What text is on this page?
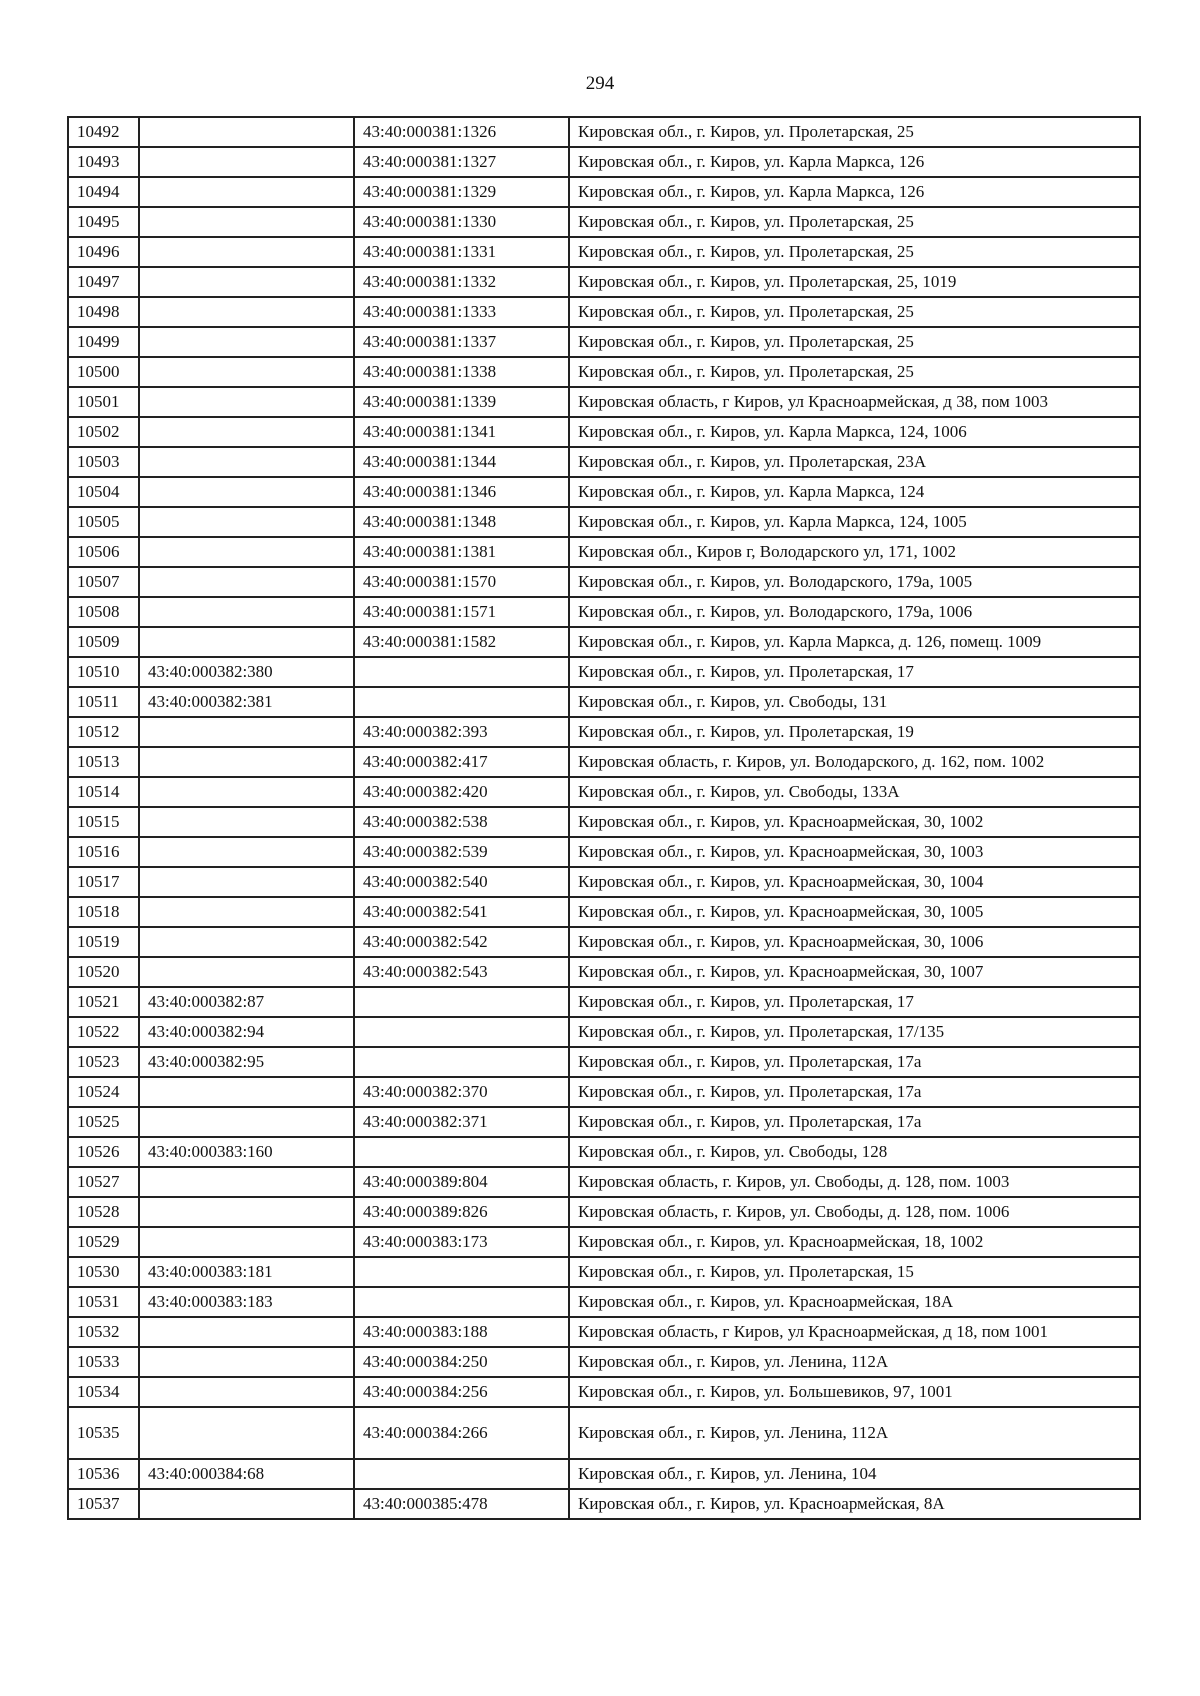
294
10492		43:40:000381:1326	Кировская обл., г. Киров, ул. Пролетарская, 25
10493		43:40:000381:1327	Кировская обл., г. Киров, ул. Карла Маркса, 126
10494		43:40:000381:1329	Кировская обл., г. Киров, ул. Карла Маркса, 126
10495		43:40:000381:1330	Кировская обл., г. Киров, ул. Пролетарская, 25
10496		43:40:000381:1331	Кировская обл., г. Киров, ул. Пролетарская, 25
10497		43:40:000381:1332	Кировская обл., г. Киров, ул. Пролетарская, 25, 1019
10498		43:40:000381:1333	Кировская обл., г. Киров, ул. Пролетарская, 25
10499		43:40:000381:1337	Кировская обл., г. Киров, ул. Пролетарская, 25
10500		43:40:000381:1338	Кировская обл., г. Киров, ул. Пролетарская, 25
10501		43:40:000381:1339	Кировская область, г Киров, ул Красноармейская, д 38, пом 1003
10502		43:40:000381:1341	Кировская обл., г. Киров, ул. Карла Маркса, 124, 1006
10503		43:40:000381:1344	Кировская обл., г. Киров, ул. Пролетарская, 23А
10504		43:40:000381:1346	Кировская обл., г. Киров, ул. Карла Маркса, 124
10505		43:40:000381:1348	Кировская обл., г. Киров, ул. Карла Маркса, 124, 1005
10506		43:40:000381:1381	Кировская обл., Киров г, Володарского ул, 171, 1002
10507		43:40:000381:1570	Кировская обл., г. Киров, ул. Володарского, 179а, 1005
10508		43:40:000381:1571	Кировская обл., г. Киров, ул. Володарского, 179а, 1006
10509		43:40:000381:1582	Кировская обл., г. Киров, ул. Карла Маркса, д. 126, помещ. 1009
10510	43:40:000382:380		Кировская обл., г. Киров, ул. Пролетарская, 17
10511	43:40:000382:381		Кировская обл., г. Киров, ул. Свободы, 131
10512		43:40:000382:393	Кировская обл., г. Киров, ул. Пролетарская, 19
10513		43:40:000382:417	Кировская область, г. Киров, ул. Володарского, д. 162, пом. 1002
10514		43:40:000382:420	Кировская обл., г. Киров, ул. Свободы, 133А
10515		43:40:000382:538	Кировская обл., г. Киров, ул. Красноармейская, 30, 1002
10516		43:40:000382:539	Кировская обл., г. Киров, ул. Красноармейская, 30, 1003
10517		43:40:000382:540	Кировская обл., г. Киров, ул. Красноармейская, 30, 1004
10518		43:40:000382:541	Кировская обл., г. Киров, ул. Красноармейская, 30, 1005
10519		43:40:000382:542	Кировская обл., г. Киров, ул. Красноармейская, 30, 1006
10520		43:40:000382:543	Кировская обл., г. Киров, ул. Красноармейская, 30, 1007
10521	43:40:000382:87		Кировская обл., г. Киров, ул. Пролетарская, 17
10522	43:40:000382:94		Кировская обл., г. Киров, ул. Пролетарская, 17/135
10523	43:40:000382:95		Кировская обл., г. Киров, ул. Пролетарская, 17а
10524		43:40:000382:370	Кировская обл., г. Киров, ул. Пролетарская, 17а
10525		43:40:000382:371	Кировская обл., г. Киров, ул. Пролетарская, 17а
10526	43:40:000383:160		Кировская обл., г. Киров, ул. Свободы, 128
10527		43:40:000389:804	Кировская область, г. Киров, ул. Свободы, д. 128, пом. 1003
10528		43:40:000389:826	Кировская область, г. Киров, ул. Свободы, д. 128, пом. 1006
10529		43:40:000383:173	Кировская обл., г. Киров, ул. Красноармейская, 18, 1002
10530	43:40:000383:181		Кировская обл., г. Киров, ул. Пролетарская, 15
10531	43:40:000383:183		Кировская обл., г. Киров, ул. Красноармейская, 18А
10532		43:40:000383:188	Кировская область, г Киров, ул Красноармейская, д 18, пом 1001
10533		43:40:000384:250	Кировская обл., г. Киров, ул. Ленина, 112А
10534		43:40:000384:256	Кировская обл., г. Киров, ул. Большевиков, 97, 1001
10535		43:40:000384:266	Кировская обл., г. Киров, ул. Ленина, 112А
10536	43:40:000384:68		Кировская обл., г. Киров, ул. Ленина, 104
10537		43:40:000385:478	Кировская обл., г. Киров, ул. Красноармейская, 8А
